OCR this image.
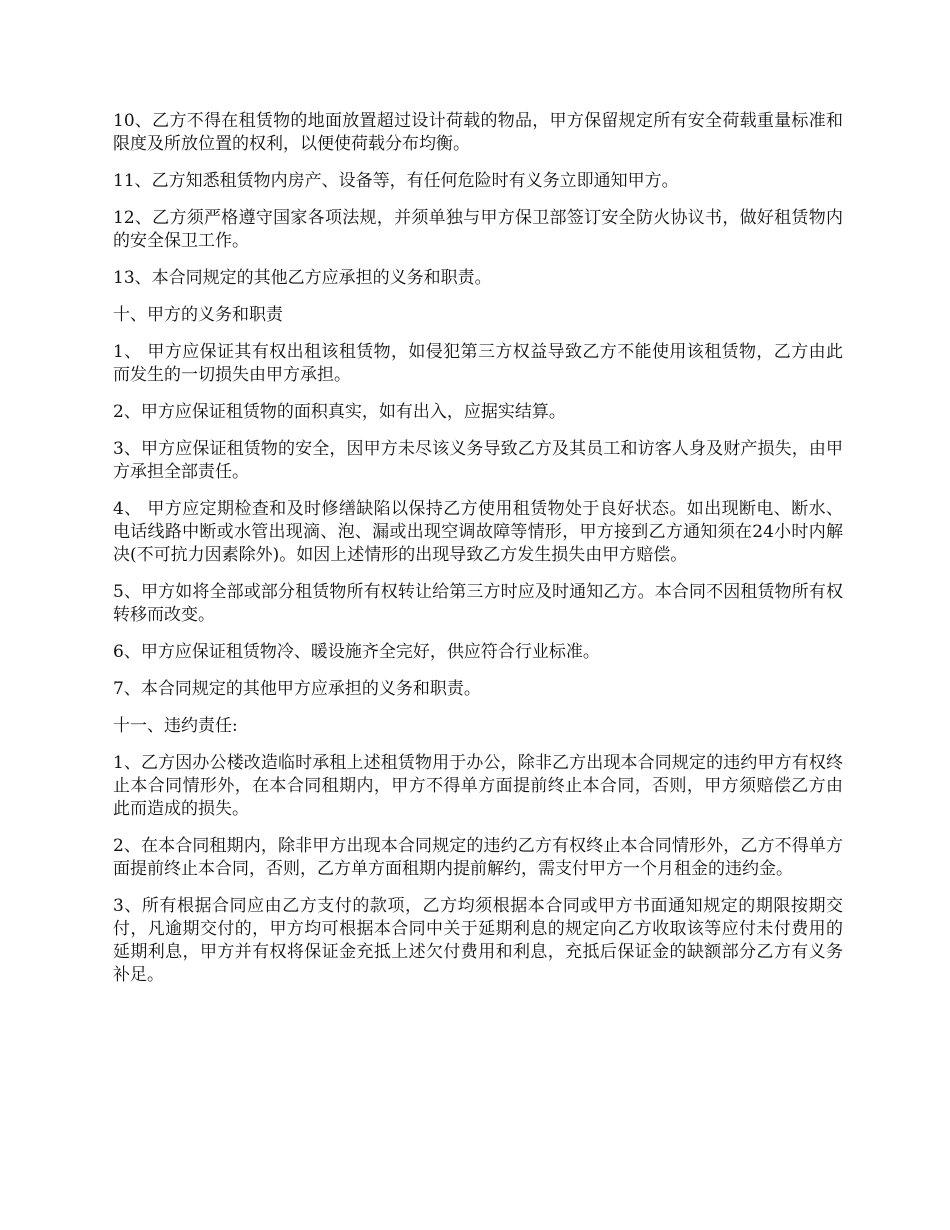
10、乙方不得在租赁物的地面放置超过设计荷载的物品，甲方保留规定所有安全荷载重量标准和限度及所放位置的权利，以便使荷载分布均衡。

11、乙方知悉租赁物内房产、设备等，有任何危险时有义务立即通知甲方。

12、乙方须严格遵守国家各项法规，并须单独与甲方保卫部签订安全防火协议书，做好租赁物内的安全保卫工作。

13、本合同规定的其他乙方应承担的义务和职责。

十、甲方的义务和职责

1、 甲方应保证其有权出租该租赁物，如侵犯第三方权益导致乙方不能使用该租赁物，乙方由此而发生的一切损失由甲方承担。

2、甲方应保证租赁物的面积真实，如有出入，应据实结算。

3、甲方应保证租赁物的安全，因甲方未尽该义务导致乙方及其员工和访客人身及财产损失，由甲方承担全部责任。

4、 甲方应定期检查和及时修缮缺陷以保持乙方使用租赁物处于良好状态。如出现断电、断水、电话线路中断或水管出现滴、泡、漏或出现空调故障等情形，甲方接到乙方通知须在24小时内解决(不可抗力因素除外)。如因上述情形的出现导致乙方发生损失由甲方赔偿。

5、甲方如将全部或部分租赁物所有权转让给第三方时应及时通知乙方。本合同不因租赁物所有权转移而改变。

6、甲方应保证租赁物冷、暖设施齐全完好，供应符合行业标准。

7、本合同规定的其他甲方应承担的义务和职责。

十一、违约责任:

1、乙方因办公楼改造临时承租上述租赁物用于办公，除非乙方出现本合同规定的违约甲方有权终止本合同情形外，在本合同租期内，甲方不得单方面提前终止本合同，否则，甲方须赔偿乙方由此而造成的损失。

2、在本合同租期内，除非甲方出现本合同规定的违约乙方有权终止本合同情形外，乙方不得单方面提前终止本合同，否则，乙方单方面租期内提前解约，需支付甲方一个月租金的违约金。

3、所有根据合同应由乙方支付的款项，乙方均须根据本合同或甲方书面通知规定的期限按期交付，凡逾期交付的，甲方均可根据本合同中关于延期利息的规定向乙方收取该等应付未付费用的延期利息，甲方并有权将保证金充抵上述欠付费用和利息，充抵后保证金的缺额部分乙方有义务补足。
